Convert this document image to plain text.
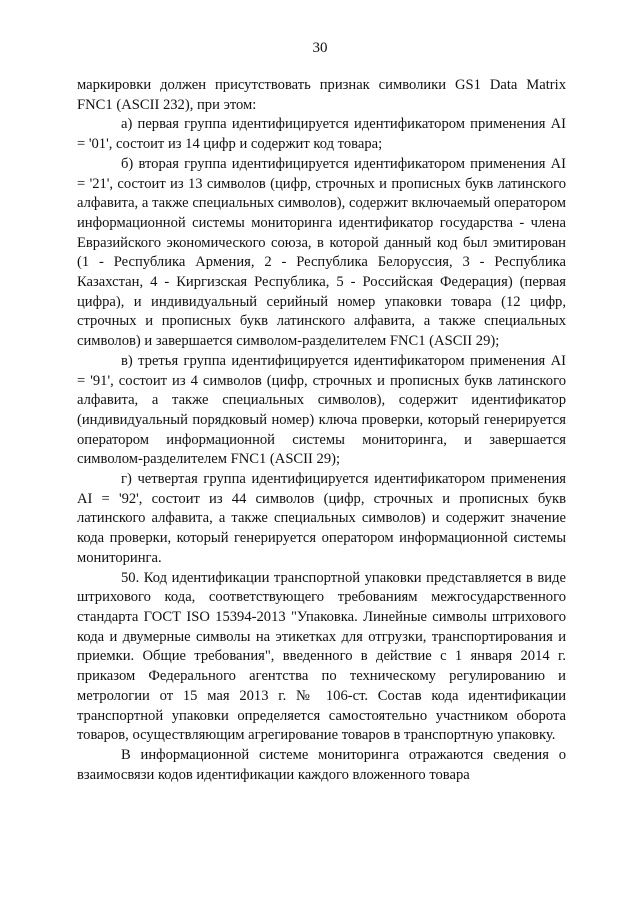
30

маркировки должен присутствовать признак символики GS1 Data Matrix FNC1 (ASCII 232), при этом:

а) первая группа идентифицируется идентификатором применения AI = '01', состоит из 14 цифр и содержит код товара;

б) вторая группа идентифицируется идентификатором применения AI = '21', состоит из 13 символов (цифр, строчных и прописных букв латинского алфавита, а также специальных символов), содержит включаемый оператором информационной системы мониторинга идентификатор государства - члена Евразийского экономического союза, в которой данный код был эмитирован (1 - Республика Армения, 2 - Республика Белоруссия, 3 - Республика Казахстан, 4 - Киргизская Республика, 5 - Российская Федерация) (первая цифра), и индивидуальный серийный номер упаковки товара (12 цифр, строчных и прописных букв латинского алфавита, а также специальных символов) и завершается символом-разделителем FNC1 (ASCII 29);

в) третья группа идентифицируется идентификатором применения AI = '91', состоит из 4 символов (цифр, строчных и прописных букв латинского алфавита, а также специальных символов), содержит идентификатор (индивидуальный порядковый номер) ключа проверки, который генерируется оператором информационной системы мониторинга, и завершается символом-разделителем FNC1 (ASCII 29);

г) четвертая группа идентифицируется идентификатором применения AI = '92', состоит из 44 символов (цифр, строчных и прописных букв латинского алфавита, а также специальных символов) и содержит значение кода проверки, который генерируется оператором информационной системы мониторинга.

50. Код идентификации транспортной упаковки представляется в виде штрихового кода, соответствующего требованиям межгосударственного стандарта ГОСТ ISO 15394-2013 "Упаковка. Линейные символы штрихового кода и двумерные символы на этикетках для отгрузки, транспортирования и приемки. Общие требования", введенного в действие с 1 января 2014 г. приказом Федерального агентства по техническому регулированию и метрологии от 15 мая 2013 г. № 106-ст. Состав кода идентификации транспортной упаковки определяется самостоятельно участником оборота товаров, осуществляющим агрегирование товаров в транспортную упаковку.

В информационной системе мониторинга отражаются сведения о взаимосвязи кодов идентификации каждого вложенного товара
